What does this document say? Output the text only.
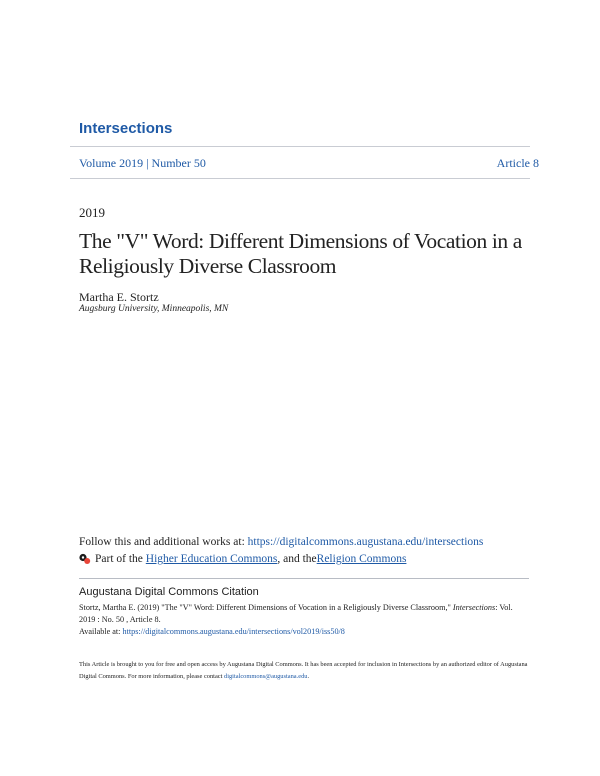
Intersections
Volume 2019 | Number 50	Article 8
2019
The "V" Word: Different Dimensions of Vocation in a Religiously Diverse Classroom
Martha E. Stortz
Augsburg University, Minneapolis, MN
Follow this and additional works at: https://digitalcommons.augustana.edu/intersections
Part of the
Higher Education Commons , and the Religion Commons
Augustana Digital Commons Citation
Stortz, Martha E. (2019) "The "V" Word: Different Dimensions of Vocation in a Religiously Diverse Classroom," Intersections: Vol.
2019 : No. 50 , Article 8.
Available at: https://digitalcommons.augustana.edu/intersections/vol2019/iss50/8
This Article is brought to you for free and open access by Augustana Digital Commons. It has been accepted for inclusion in Intersections by an authorized editor of Augustana Digital Commons. For more information, please contact digitalcommons@augustana.edu.
